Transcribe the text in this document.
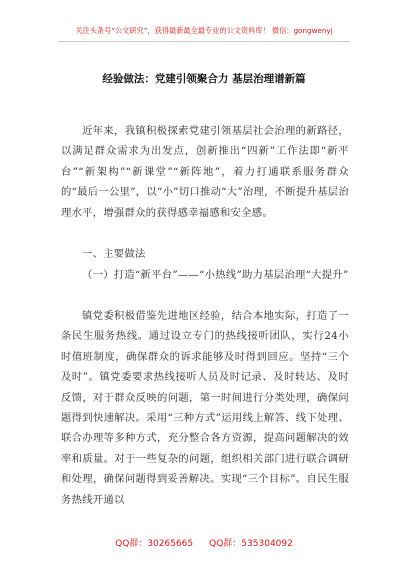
关注头条号“公文研究”，获得最新最全最专业的公文资料库！ 微信：gongwenyj
经验做法：党建引领聚合力 基层治理谱新篇

近年来，我镇积极探索党建引领基层社会治理的新路径，以满足群众需求为出发点，创新推出“四新”工作法即“新平台”“新架构”“新课堂”“新阵地”，着力打通联系服务群众的“最后一公里”，以“小”切口推动“大”治理，不断提升基层治理水平，增强群众的获得感幸福感和安全感。

一、主要做法

（一）打造“新平台”——“小热线”助力基层治理“大提升”

镇党委积极借鉴先进地区经验，结合本地实际，打造了一条民生服务热线。通过设立专门的热线接听团队，实行24小时值班制度，确保群众的诉求能够及时得到回应。坚持“三个及时”。镇党委要求热线接听人员及时记录、及时转达、及时反馈，对于群众反映的问题，第一时间进行分类处理，确保问题得到快速解决。采用“三种方式”运用线上解答、线下处理、联合办理等多种方式，充分整合各方资源，提高问题解决的效率和质量。对于一些复杂的问题，组织相关部门进行联合调研和处理，确保问题得到妥善解决。实现“三个目标”。自民生服务热线开通以

QQ群：30265665 QQ群：535304092
